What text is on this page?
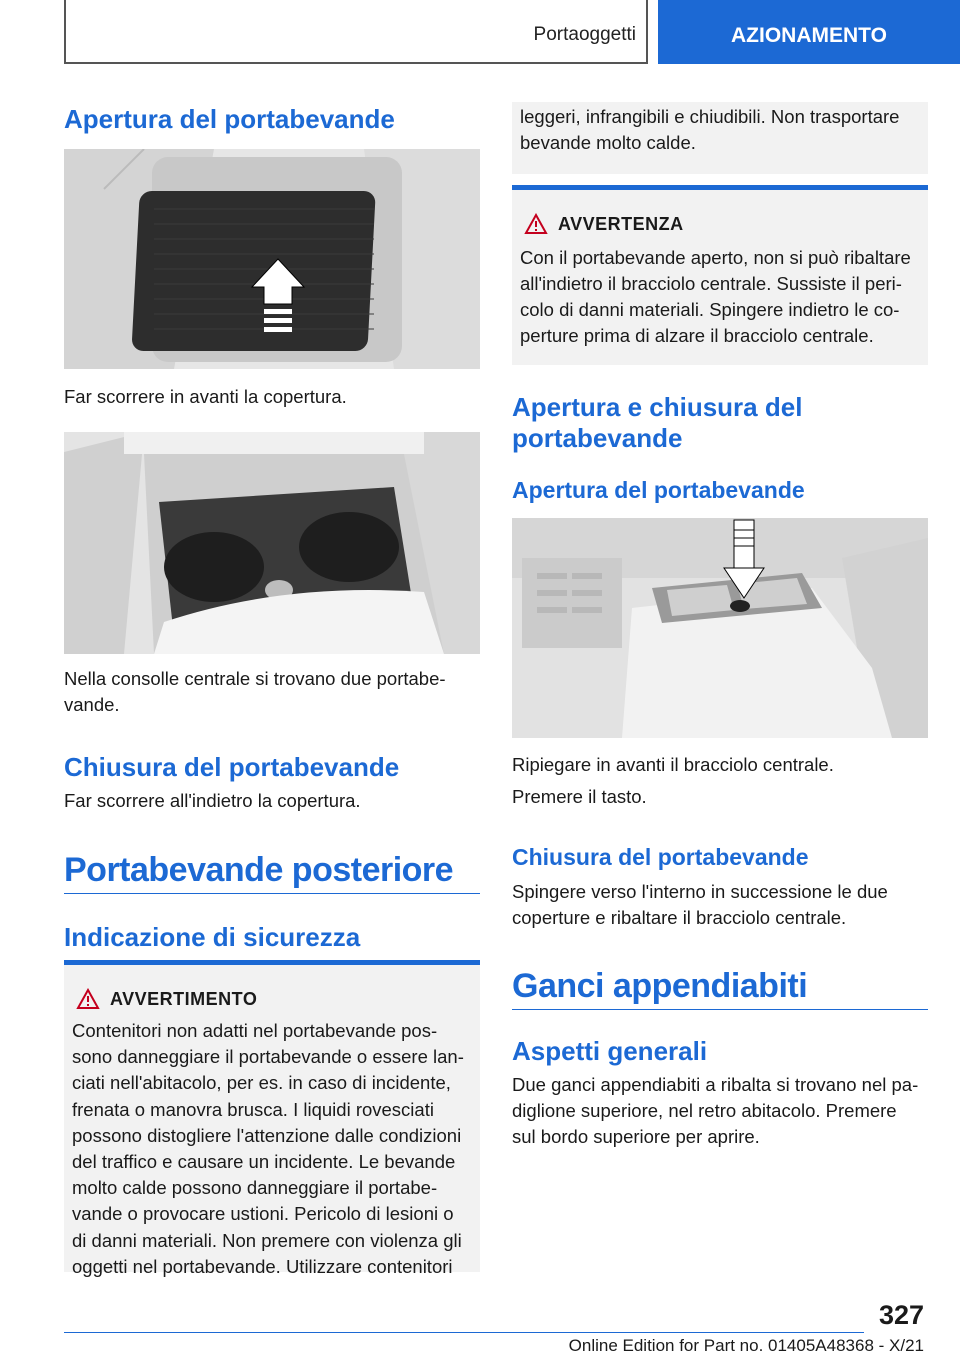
Portaoggetti	AZIONAMENTO
Apertura del portabevande
Far scorrere in avanti la copertura.
Nella consolle centrale si trovano due portabe-
vande.
Chiusura del portabevande
Far scorrere all'indietro la copertura.
Portabevande posteriore
Indicazione di sicurezza
AVVERTIMENTO
Contenitori non adatti nel portabevande pos-
sono danneggiare il portabevande o essere lan-
ciati nell'abitacolo, per es. in caso di incidente,
frenata o manovra brusca. I liquidi rovesciati
possono distogliere l'attenzione dalle condizioni
del traffico e causare un incidente. Le bevande
molto calde possono danneggiare il portabe-
vande o provocare ustioni. Pericolo di lesioni o
di danni materiali. Non premere con violenza gli
oggetti nel portabevande. Utilizzare contenitori
leggeri, infrangibili e chiudibili. Non trasportare
bevande molto calde.
AVVERTENZA
Con il portabevande aperto, non si può ribaltare
all'indietro il bracciolo centrale. Sussiste il peri-
colo di danni materiali. Spingere indietro le co-
perture prima di alzare il bracciolo centrale.
Apertura e chiusura del
portabevande
Apertura del portabevande
Ripiegare in avanti il bracciolo centrale.
Premere il tasto.
Chiusura del portabevande
Spingere verso l'interno in successione le due
coperture e ribaltare il bracciolo centrale.
Ganci appendiabiti
Aspetti generali
Due ganci appendiabiti a ribalta si trovano nel pa-
diglione superiore, nel retro abitacolo. Premere
sul bordo superiore per aprire.
327
Online Edition for Part no. 01405A48368 - X/21
